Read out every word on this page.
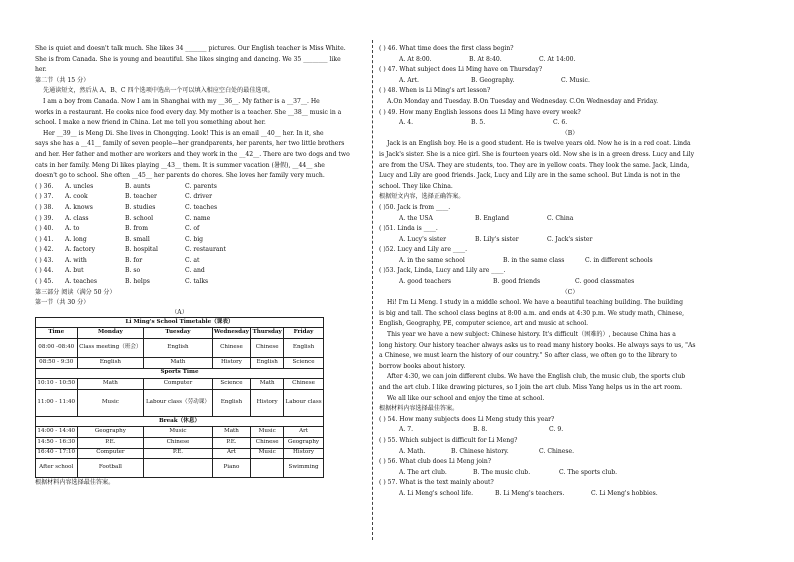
She is quiet and doesn't talk much. She likes 34 _______ pictures. Our English teacher is Miss White.
She is from Canada. She is young and beautiful. She likes singing and dancing. We 35 ________ like
her.
第二节（共 15 分）
先通读短文，然后从 A、B、C 四个选项中选出一个可以填入相应空白处的最佳选项。
I am a boy from Canada. Now I am in Shanghai with my __36__. My father is a __37__. He
works in a restaurant. He cooks nice food every day. My mother is a teacher. She __38__ music in a
school. I make a new friend in China. Let me tell you something about her.
Her __39__ is Meng Di. She lives in Chongqing. Look! This is an email __40__ her. In it, she
says she has a __41__ family of seven people—her grandparents, her parents, her two little brothers
and her. Her father and mother are workers and they work in the __42__. There are two dogs and two
cats in her family. Meng Di likes playing __43__ them. It is summer vacation (暑假), __44__ she
doesn't go to school. She often __45__ her parents do chores. She loves her family very much.
( ) 36. A. uncles	B. aunts	C. parents
( ) 37. A. cook	B. teacher	C. driver
( ) 38. A. knows	B. studies	C. teaches
( ) 39. A. class	B. school	C. name
( ) 40. A. to	B. from	C. of
( ) 41. A. long	B. small	C. big
( ) 42. A. factory	B. hospital	C. restaurant
( ) 43. A. with	B. for	C. at
( ) 44. A. but	B. so	C. and
( ) 45. A. teaches	B. helps	C. talks
第三部分 阅读（满分 50 分）
第一节（共 30 分）
（A）
Li Ming's School Timetable（课表）					
Time	Monday	Tuesday	Wednesday	Thursday	Friday
08:00 -08:40	Class meeting（班会）	English	Chinese	Chinese	English
08:50 - 9:30	English	Math	History	English	Science
Sports Time					
10:10 - 10:50	Math	Computer	Science	Math	Chinese
11:00 - 11:40	Music	Labour class（劳动课）	English	History	Labour class
Break（休息）					
14:00 - 14:40	Geography	Music	Math	Music	Art
14:50 - 16:30	P.E.	Chinese	P.E.	Chinese	Geography
16:40 - 17:10	Computer	P.E.	Art	Music	History
After school	Football		Piano		Swimming
根据材料内容选择最佳答案。
( ) 46. What time does the first class begin?
A. At 8:00.	B. At 8:40.	C. At 14:00.
( ) 47. What subject does Li Ming have on Thursday?
A. Art.	B. Geography.	C. Music.
( ) 48. When is Li Ming's art lesson?
A.On Monday and Tuesday. B.On Tuesday and Wednesday. C.On Wednesday and Friday.
( ) 49. How many English lessons does Li Ming have every week?
A. 4.	B. 5.	C. 6.
（B）
Jack is an English boy. He is a good student. He is twelve years old. Now he is in a red coat. Linda
is Jack's sister. She is a nice girl. She is fourteen years old. Now she is in a green dress. Lucy and Lily
are from the USA. They are students, too. They are in yellow coats. They look the same. Jack, Linda,
Lucy and Lily are good friends. Jack, Lucy and Lily are in the same school. But Linda is not in the
school. They like China.
根据短文内容，选择正确答案。
( )50. Jack is from ____.
A. the USA	B. England	C. China
( )51. Linda is ____.
A. Lucy's sister	B. Lily's sister	C. Jack's sister
( )52. Lucy and Lily are ____.
A. in the same school	B. in the same class	C. in different schools
( )53. Jack, Linda, Lucy and Lily are ____.
A. good teachers	B. good friends	C. good classmates
（C）
Hi! I'm Li Meng. I study in a middle school. We have a beautiful teaching building. The building
is big and tall. The school class begins at 8:00 a.m. and ends at 4:30 p.m. We study math, Chinese,
English, Geography, PE, computer science, art and music at school.
This year we have a new subject: Chinese history. It's difficult（困难的）, because China has a
long history. Our history teacher always asks us to read many history books. He always says to us, "As
a Chinese, we must learn the history of our country." So after class, we often go to the library to
borrow books about history.
After 4:30, we can join different clubs. We have the English club, the music club, the sports club
and the art club. I like drawing pictures, so I join the art club. Miss Yang helps us in the art room.
We all like our school and enjoy the time at school.
根据材料内容选择最佳答案。
( ) 54. How many subjects does Li Meng study this year?
A. 7.	B. 8.	C. 9.
( ) 55. Which subject is difficult for Li Meng?
A. Math.	B. Chinese history.	C. Chinese.
( ) 56. What club does Li Meng join?
A. The art club.	B. The music club.	C. The sports club.
( ) 57. What is the text mainly about?
A. Li Meng's school life.	B. Li Meng's teachers.	C. Li Meng's hobbies.
